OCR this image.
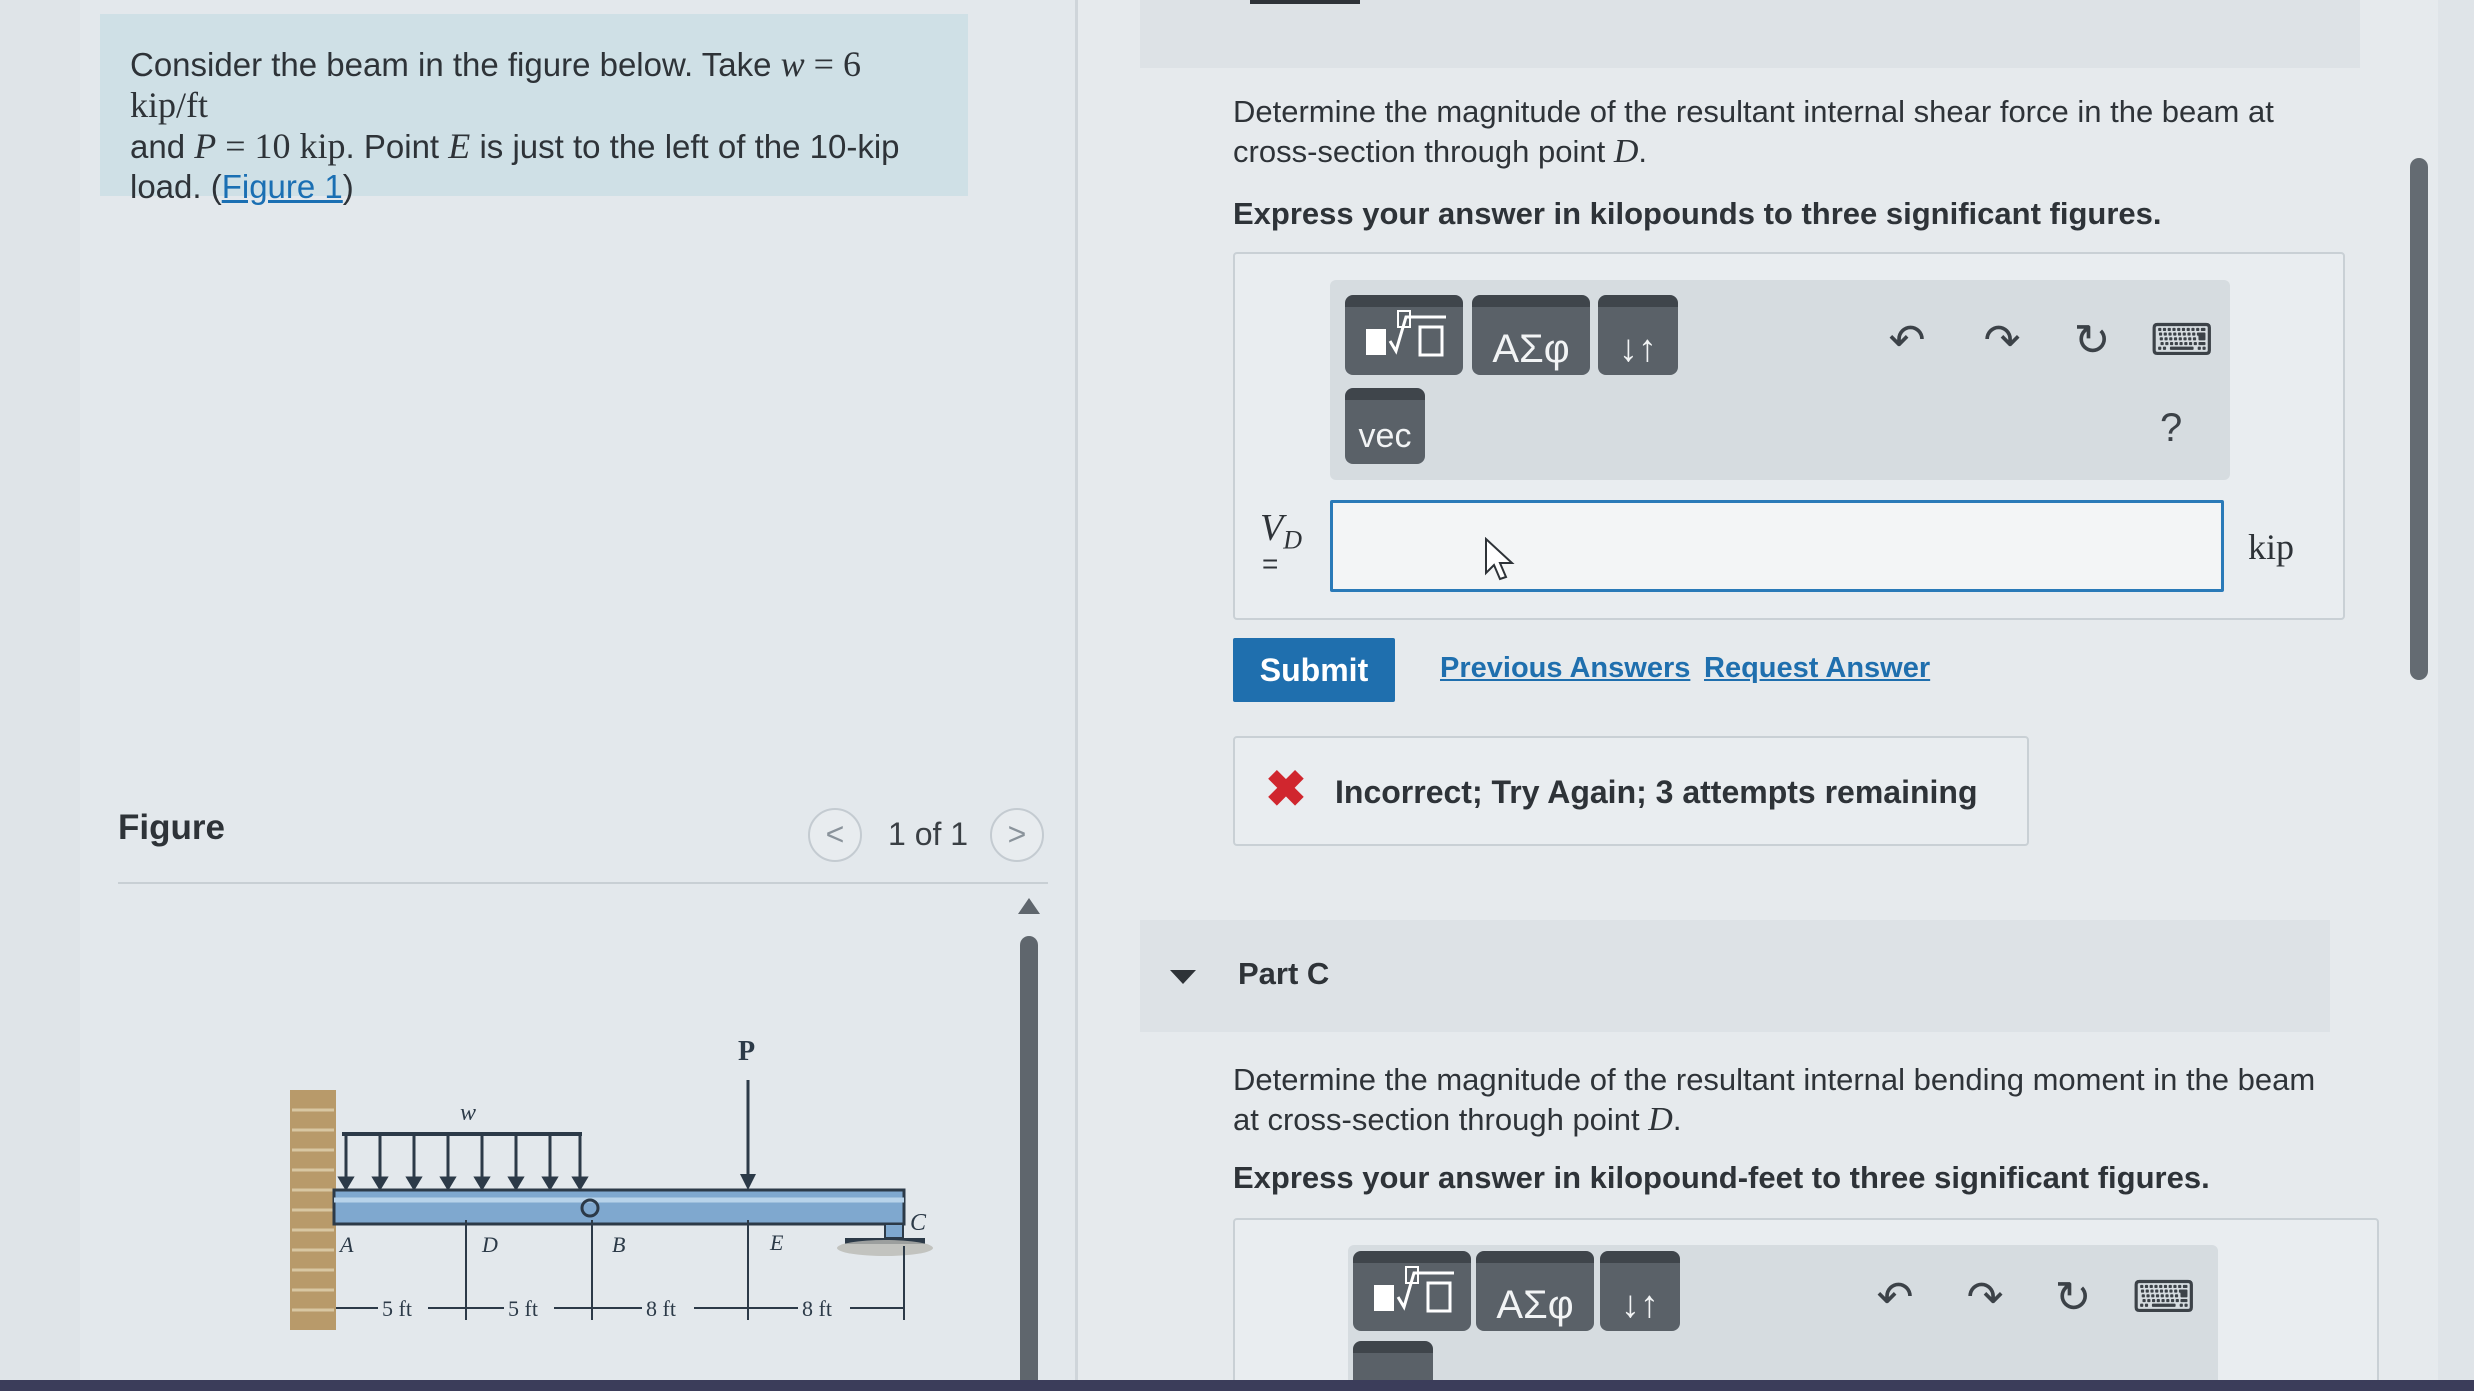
Consider the beam in the figure below. Take w = 6 kip/ft
and P = 10 kip. Point E is just to the left of the 10-kip
load. (Figure 1)
Figure	<	1 of 1	>
w
P
C
A	D	B	E
5 ft	5 ft	8 ft	8 ft
Determine the magnitude of the resultant internal shear force in the beam at
cross-section through point D.
Express your answer in kilopounds to three significant figures.
ΑΣφ	↓↑
vec
↶ ↷ ↻ ⌨
?
$V_D$
=	kip
Submit	Previous Answers Request Answer
✖ Incorrect; Try Again; 3 attempts remaining
Part C
Determine the magnitude of the resultant internal bending moment in the beam
at cross-section through point D.
Express your answer in kilopound-feet to three significant figures.
ΑΣφ	↓↑	↶ ↷ ↻ ⌨
